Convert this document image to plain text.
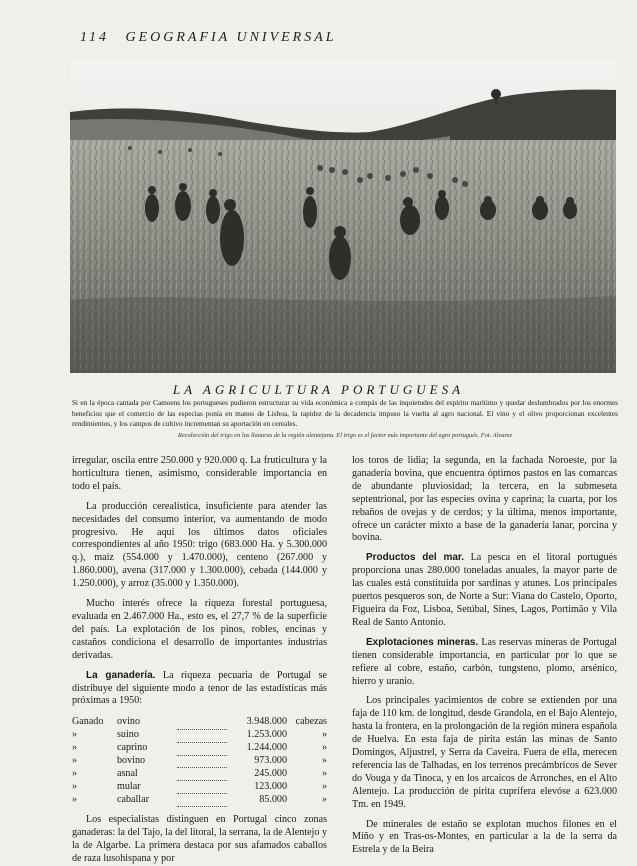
114 GEOGRAFIA UNIVERSAL
LA AGRICULTURA PORTUGUESA
Si en la época cantada por Camoens los portugueses pudieron estructurar su vida económica a compás de las inquietudes del espíritu marítimo y quedar deslumbrados por los enormes beneficios que el comercio de las especias ponía en manos de Lisboa, la rapidez de la decadencia impuso la vuelta al agro nacional. El vino y el olivo proporcionan excelentes rendimientos, y los campos de cultivo incrementan su aportación en cereales.
Recolección del trigo en las llanuras de la región alentejana. El trigo es el factor más importante del agro portugués. Fot. Alvarez

irregular, oscila entre 250.000 y 920.000 q. La fruticultura y la horticultura tienen, asimismo, considerable importancia en todo el país.

La producción cerealística, insuficiente para atender las necesidades del consumo interior, va aumentando de modo progresivo. He aquí los últimos datos oficiales correspondientes al año 1950: trigo (683.000 Ha. y 5.300.000 q.), maíz (554.000 y 1.470.000), centeno (267.000 y 1.860.000), avena (317.000 y 1.300.000), cebada (144.000 y 1.250.000), y arroz (35.000 y 1.350.000).

Mucho interés ofrece la riqueza forestal portuguesa, evaluada en 2.467.000 Ha., esto es, el 27,7 % de la superficie del país. La explotación de los pinos, robles, encinas y castaños condiciona el desarrollo de importantes industrias derivadas.

La ganadería. La riqueza pecuaria de Portugal se distribuye del siguiente modo a tenor de las estadísticas más próximas a 1950:

Ganado	ovino		3.948.000	cabezas
»	suino		1.253.000	»
»	caprino		1.244.000	»
»	bovino		973.000	»
»	asnal		245.000	»
»	mular		123.000	»
»	caballar		85.000	»

Los especialistas distinguen en Portugal cinco zonas ganaderas: la del Tajo, la del litoral, la serrana, la de Alentejo y la de Algarbe. La primera destaca por sus afamados caballos de raza lusohispana y por

los toros de lidia; la segunda, en la fachada Noroeste, por la ganadería bovina, que encuentra óptimos pastos en las comarcas de abundante pluviosidad; la tercera, en la submeseta septentrional, por las especies ovina y caprina; la cuarta, por los rebaños de ovejas y de cerdos; y la última, menos importante, ofrece un carácter mixto a base de la ganadería lanar, porcina y bovina.

Productos del mar. La pesca en el litoral portugués proporciona unas 280.000 toneladas anuales, la mayor parte de las cuales está constituida por sardinas y atunes. Los principales puertos pesqueros son, de Norte a Sur: Viana do Castelo, Oporto, Figueira da Foz, Lisboa, Setúbal, Sines, Lagos, Portimão y Vila Real de Santo Antonio.

Explotaciones mineras. Las reservas mineras de Portugal tienen considerable importancia, en particular por lo que se refiere al cobre, estaño, carbón, tungsteno, plomo, arsénico, hierro y uranio.

Los principales yacimientos de cobre se extienden por una faja de 110 km. de longitud, desde Grandola, en el Bajo Alentejo, hasta la frontera, en la prolongación de la región minera española de Huelva. En esta faja de pirita están las minas de Santo Domingos, Aljustrel, y Serra da Caveira. Fuera de ella, merecen referencia las de Talhadas, en los terrenos precámbricos de Sever do Vouga y da Tinoca, y en los arcaicos de Arronches, en el Alto Alentejo. La producción de pirita cuprífera elevóse a 623.000 Tm. en 1949.

De minerales de estaño se explotan muchos filones en el Miño y en Tras-os-Montes, en particular a la de la serra da Estrela y de la Beira
